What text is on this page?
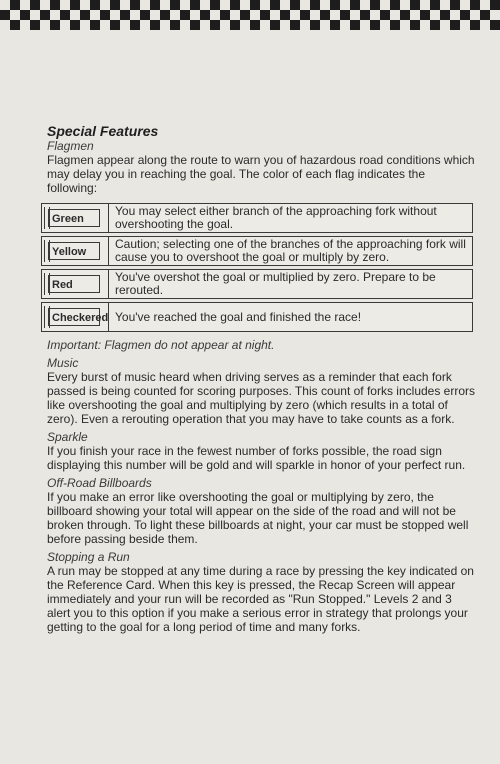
Special Features
Flagmen
Flagmen appear along the route to warn you of hazardous road conditions which may delay you in reaching the goal. The color of each flag indicates the following:
Green
You may select either branch of the approaching fork without overshooting the goal.
Yellow
Caution; selecting one of the branches of the approaching fork will cause you to overshoot the goal or multiply by zero.
Red
You've overshot the goal or multiplied by zero. Prepare to be rerouted.
Checkered You've reached the goal and finished the race!
Important: Flagmen do not appear at night.
Music
Every burst of music heard when driving serves as a reminder that each fork passed is being counted for scoring purposes. This count of forks includes errors like overshooting the goal and multiplying by zero (which results in a total of zero). Even a rerouting operation that you may have to take counts as a fork.
Sparkle
If you finish your race in the fewest number of forks possible, the road sign displaying this number will be gold and will sparkle in honor of your perfect run.
Off-Road Billboards
If you make an error like overshooting the goal or multiplying by zero, the billboard showing your total will appear on the side of the road and will not be broken through. To light these billboards at night, your car must be stopped well before passing beside them.
Stopping a Run
A run may be stopped at any time during a race by pressing the key indicated on the Reference Card. When this key is pressed, the Recap Screen will appear immediately and your run will be recorded as "Run Stopped." Levels 2 and 3 alert you to this option if you make a serious error in strategy that prolongs your getting to the goal for a long period of time and many forks.
